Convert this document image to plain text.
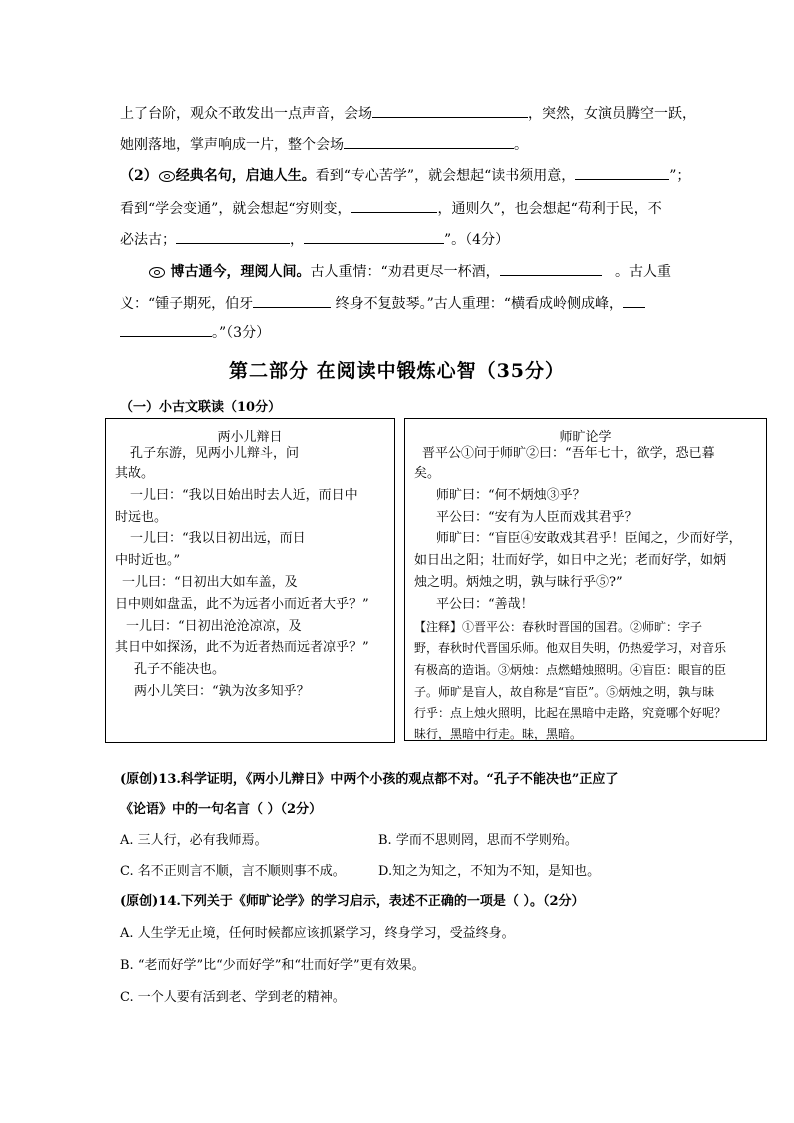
上了台阶，观众不敢发出一点声音，会场	，突然，女演员腾空一跃，
她刚落地，掌声响成一片，整个会场	。
（2） 经典名句，启迪人生。看到“专心苦学”，就会想起“读书须用意，	”；
看到“学会变通”，就会想起“穷则变，	，通则久”，也会想起“苟利于民，不
必法古；	，	”。（4分）
博古通今，理阅人间。古人重情：“劝君更尽一杯酒，	。古人重
义：“锺子期死，伯牙	终身不复鼓琴。”古人重理：“横看成岭侧成峰，
。”（3分）
第二部分 在阅读中锻炼心智（35分）
（一）小古文联读（10分）
两小儿辩日
孔子东游，见两小儿辩斗，问
其故。
一儿曰：“我以日始出时去人近，而日中
时远也。
一儿曰：“我以日初出远，而日
中时近也。”
一儿曰：“日初出大如车盖，及
日中则如盘盂，此不为远者小而近者大乎？”
一儿曰：“日初出沧沧凉凉，及
其日中如探汤，此不为近者热而远者凉乎？”
孔子不能决也。
两小儿笑曰：“孰为汝多知乎？
师旷论学
晋平公①问于师旷②曰：“吾年七十，欲学，恐已暮
矣。
师旷曰：“何不炳烛③乎？
平公曰：“安有为人臣而戏其君乎？
师旷曰：“盲臣④安敢戏其君乎！臣闻之，少而好学，
如日出之阳；壮而好学，如日中之光；老而好学，如炳
烛之明。炳烛之明，孰与昧行乎⑤?”
平公曰：“善哉！
【注释】①晋平公：春秋时晋国的国君。②师旷：字子
野，春秋时代晋国乐师。他双目失明，仍热爱学习，对音乐
有极高的造诣。③炳烛：点燃蜡烛照明。④盲臣：眼盲的臣
子。师旷是盲人，故自称是“盲臣”。⑤炳烛之明，孰与昧
行乎：点上烛火照明，比起在黑暗中走路，究竟哪个好呢？
昧行，黑暗中行走。昧，黑暗。
(原创)13.科学证明，《两小儿辩日》中两个小孩的观点都不对。“孔子不能决也”正应了
《论语》中的一句名言（ ）（2分）
A. 三人行，必有我师焉。	B. 学而不思则罔，思而不学则殆。
C. 名不正则言不顺，言不顺则事不成。 D.知之为知之，不知为不知，是知也。
(原创)14.下列关于《师旷论学》的学习启示，表述不正确的一项是（ ）。（2分）
A. 人生学无止境，任何时候都应该抓紧学习，终身学习，受益终身。
B. “老而好学”比“少而好学”和“壮而好学”更有效果。
C. 一个人要有活到老、学到老的精神。
